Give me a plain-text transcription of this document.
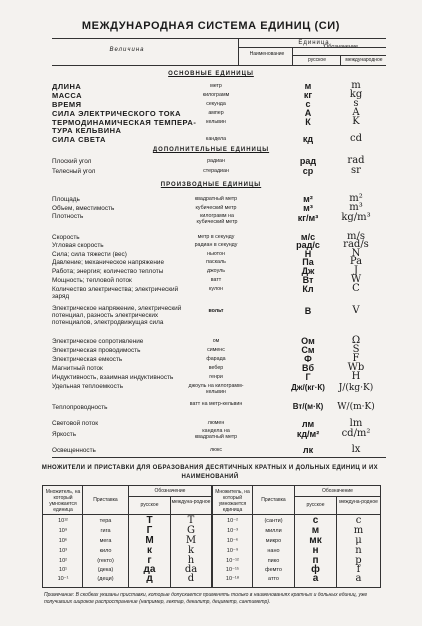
МЕЖДУНАРОДНАЯ СИСТЕМА ЕДИНИЦ (СИ)
Величина
Единица
Наименование
русское	международное
ОСНОВНЫЕ ЕДИНИЦЫ
ДЛИНА	метр	м	m
МАССА	килограмм	кг	kg
ВРЕМЯ	секунда	с	s
СИЛА ЭЛЕКТРИЧЕСКОГО ТОКА	ампер	А	A
ТЕРМОДИНАМИЧЕСКАЯ ТЕМПЕРА-	кельвин	К	K
ТУРА КЕЛЬВИНА
СИЛА СВЕТА	кандела	кд	cd
ДОПОЛНИТЕЛЬНЫЕ ЕДИНИЦЫ
Плоский угол	радиан	рад	rad
Телесный угол	стерадиан	ср	sr
ПРОИЗВОДНЫЕ ЕДИНИЦЫ
Площадь	квадратный метр	м²	m²
Объем, вместимость	кубический метр	м³	m³
Плотность	килограмм на кубический метр	кг/м³	kg/m³
Скорость	метр в секунду	м/с	m/s
Угловая скорость	радиан в секунду	рад/с	rad/s
Сила; сила тяжести (вес)	ньютон	Н	N
Давление; механическое напряжение	паскаль	Па	Pa
Работа; энергия; количество теплоты	джоуль	Дж	J
Мощность; тепловой поток	ватт	Вт	W
Количество электричества; электрический заряд
кулон	Кл	C
Электрическое напряжение, электрический потенциал, разность электрических потенциалов, электродвижущая сила
вольт	В	V
Электрическое сопротивление	ом	Ом	Ω
Электрическая проводимость	сименс	См	S
Электрическая емкость	фарада	Ф	F
Магнитный поток	вебер	Вб	Wb
Индуктивность, взаимная индуктивность	генри	Г	H
Удельная теплоемкость	джоуль на килограмм-кельвин	Дж/(кг·К)	J/(kg·K)
Теплопроводность	ватт на метр-кельвин	Вт/(м·К)	W/(m·K)
Световой поток	люмен	лм	lm
Яркость	кандела на квадратный метр	кд/м²	cd/m²
Освещенность	люкс	лк	lx
МНОЖИТЕЛИ И ПРИСТАВКИ ДЛЯ ОБРАЗОВАНИЯ ДЕСЯТИЧНЫХ КРАТНЫХ И ДОЛЬНЫХ ЕДИНИЦ И ИХ НАИМЕНОВАНИЙ
Множитель, на который умножается единица
Приставка
Обозначение
русское	междуна-родное
Множитель, на который умножается единица
Приставка
Обозначение
русское	междуна-родное
10¹²	тера	Т	T
10⁹	гига	Г	G
10⁶	мега	М	M
10³	кило	к	k
10²	(гекто)	г	h
10¹	(дека)	да	da
10⁻¹	(деци)	д	d
10⁻²	(санти)	с	c
10⁻³	милли	м	m
10⁻⁶	микро	мк	μ
10⁻⁹	нано	н	n
10⁻¹²	пико	п	p
10⁻¹⁵	фемто	ф	f
10⁻¹⁸	атто	а	a
Примечание: В скобках указаны приставки, которые допускается применять только в наименованиях кратных и дольных единиц, уже получивших широкое распространение (например, гектар, декалитр, дециметр, сантиметр).
